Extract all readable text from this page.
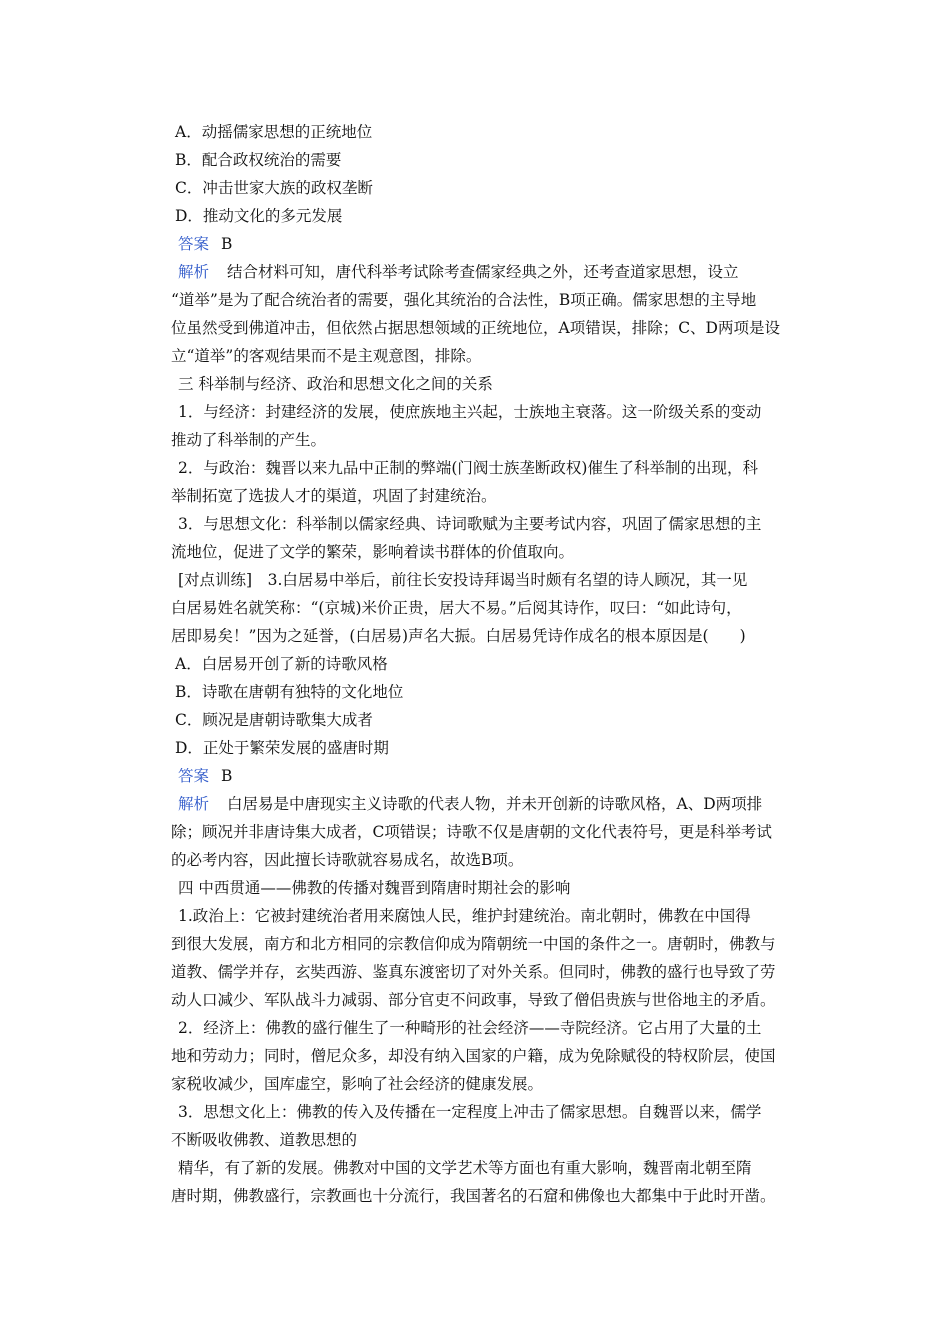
A．动摇儒家思想的正统地位
B．配合政权统治的需要
C．冲击世家大族的政权垄断
D．推动文化的多元发展
答案 B
解析 结合材料可知，唐代科举考试除考查儒家经典之外，还考查道家思想，设立
“道举”是为了配合统治者的需要，强化其统治的合法性，B项正确。儒家思想的主导地
位虽然受到佛道冲击，但依然占据思想领域的正统地位，A项错误，排除；C、D两项是设
立“道举”的客观结果而不是主观意图，排除。
三 科举制与经济、政治和思想文化之间的关系
1．与经济：封建经济的发展，使庶族地主兴起，士族地主衰落。这一阶级关系的变动
推动了科举制的产生。
2．与政治：魏晋以来九品中正制的弊端(门阀士族垄断政权)催生了科举制的出现，科
举制拓宽了选拔人才的渠道，巩固了封建统治。
3．与思想文化：科举制以儒家经典、诗词歌赋为主要考试内容，巩固了儒家思想的主
流地位，促进了文学的繁荣，影响着读书群体的价值取向。
[对点训练]　3.白居易中举后，前往长安投诗拜谒当时颇有名望的诗人顾况，其一见
白居易姓名就笑称：“(京城)米价正贵，居大不易。”后阅其诗作，叹曰：“如此诗句，
居即易矣！”因为之延誉，(白居易)声名大振。白居易凭诗作成名的根本原因是(　　)
A．白居易开创了新的诗歌风格
B．诗歌在唐朝有独特的文化地位
C．顾况是唐朝诗歌集大成者
D．正处于繁荣发展的盛唐时期
答案 B
解析 白居易是中唐现实主义诗歌的代表人物，并未开创新的诗歌风格，A、D两项排
除；顾况并非唐诗集大成者，C项错误；诗歌不仅是唐朝的文化代表符号，更是科举考试
的必考内容，因此擅长诗歌就容易成名，故选B项。
四 中西贯通——佛教的传播对魏晋到隋唐时期社会的影响
1.政治上：它被封建统治者用来腐蚀人民，维护封建统治。南北朝时，佛教在中国得
到很大发展，南方和北方相同的宗教信仰成为隋朝统一中国的条件之一。唐朝时，佛教与
道教、儒学并存，玄奘西游、鉴真东渡密切了对外关系。但同时，佛教的盛行也导致了劳
动人口减少、军队战斗力减弱、部分官吏不问政事，导致了僧侣贵族与世俗地主的矛盾。
2．经济上：佛教的盛行催生了一种畸形的社会经济——寺院经济。它占用了大量的土
地和劳动力；同时，僧尼众多，却没有纳入国家的户籍，成为免除赋役的特权阶层，使国
家税收减少，国库虚空，影响了社会经济的健康发展。
3．思想文化上：佛教的传入及传播在一定程度上冲击了儒家思想。自魏晋以来，儒学
不断吸收佛教、道教思想的
精华，有了新的发展。佛教对中国的文学艺术等方面也有重大影响，魏晋南北朝至隋
唐时期，佛教盛行，宗教画也十分流行，我国著名的石窟和佛像也大都集中于此时开凿。
